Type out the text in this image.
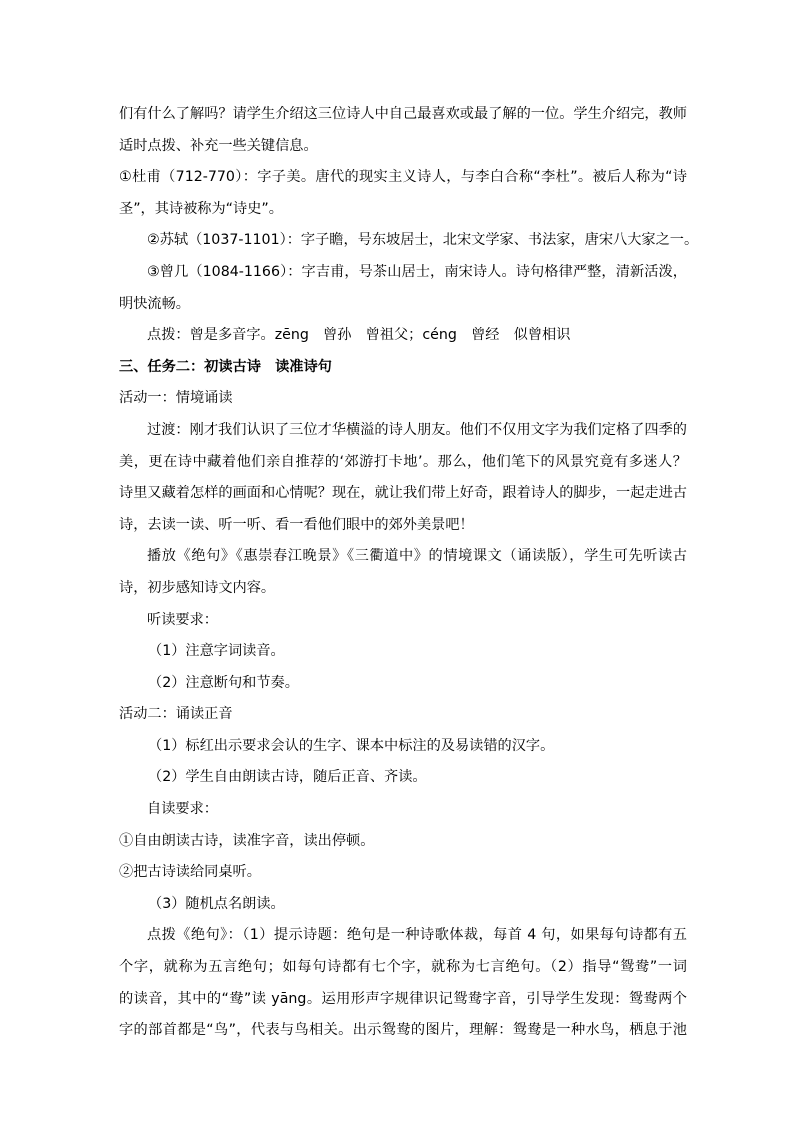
们有什么了解吗？请学生介绍这三位诗人中自己最喜欢或最了解的一位。学生介绍完，教师
适时点拨、补充一些关键信息。
①杜甫（712-770）：字子美。唐代的现实主义诗人，与李白合称“李杜”。被后人称为“诗
圣”，其诗被称为“诗史”。
②苏轼（1037-1101）：字子瞻，号东坡居士，北宋文学家、书法家，唐宋八大家之一。
③曾几（1084-1166）：字吉甫，号茶山居士，南宋诗人。诗句格律严整，清新活泼，
明快流畅。
点拨：曾是多音字。zēng　曾孙　曾祖父；céng　曾经　似曾相识
三、任务二：初读古诗　读准诗句
活动一：情境诵读
过渡：刚才我们认识了三位才华横溢的诗人朋友。他们不仅用文字为我们定格了四季的
美，更在诗中藏着他们亲自推荐的‘郊游打卡地’。那么，他们笔下的风景究竟有多迷人？
诗里又藏着怎样的画面和心情呢？现在，就让我们带上好奇，跟着诗人的脚步，一起走进古
诗，去读一读、听一听、看一看他们眼中的郊外美景吧！
播放《绝句》《惠崇春江晚景》《三衢道中》的情境课文（诵读版），学生可先听读古
诗，初步感知诗文内容。
听读要求：
（1）注意字词读音。
（2）注意断句和节奏。
活动二：诵读正音
（1）标红出示要求会认的生字、课本中标注的及易读错的汉字。
（2）学生自由朗读古诗，随后正音、齐读。
自读要求：
①自由朗读古诗，读准字音，读出停顿。
②把古诗读给同桌听。
（3）随机点名朗读。
点拨《绝句》：（1）提示诗题：绝句是一种诗歌体裁，每首 4 句，如果每句诗都有五
个字，就称为五言绝句；如每句诗都有七个字，就称为七言绝句。（2）指导“鸳鸯”一词
的读音，其中的“鸯”读 yāng。运用形声字规律识记鸳鸯字音，引导学生发现：鸳鸯两个
字的部首都是“鸟”，代表与鸟相关。出示鸳鸯的图片，理解：鸳鸯是一种水鸟，栖息于池
